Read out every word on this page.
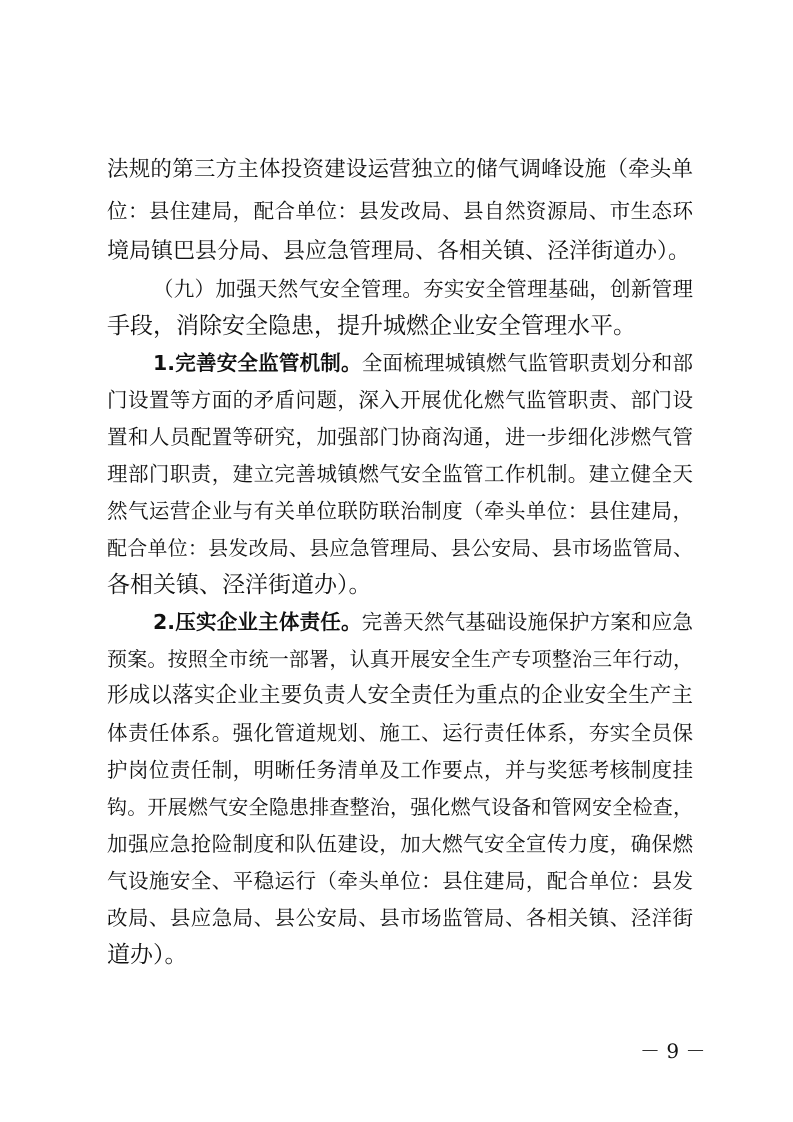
法规的第三方主体投资建设运营独立的储气调峰设施（牵头单
位：县住建局，配合单位：县发改局、县自然资源局、市生态环
境局镇巴县分局、县应急管理局、各相关镇、泾洋街道办）。
（九）加强天然气安全管理。夯实安全管理基础，创新管理
手段，消除安全隐患，提升城燃企业安全管理水平。
1.完善安全监管机制。全面梳理城镇燃气监管职责划分和部
门设置等方面的矛盾问题，深入开展优化燃气监管职责、部门设
置和人员配置等研究，加强部门协商沟通，进一步细化涉燃气管
理部门职责，建立完善城镇燃气安全监管工作机制。建立健全天
然气运营企业与有关单位联防联治制度（牵头单位：县住建局，
配合单位：县发改局、县应急管理局、县公安局、县市场监管局、
各相关镇、泾洋街道办）。
2.压实企业主体责任。完善天然气基础设施保护方案和应急
预案。按照全市统一部署，认真开展安全生产专项整治三年行动，
形成以落实企业主要负责人安全责任为重点的企业安全生产主
体责任体系。强化管道规划、施工、运行责任体系，夯实全员保
护岗位责任制，明晰任务清单及工作要点，并与奖惩考核制度挂
钩。开展燃气安全隐患排查整治，强化燃气设备和管网安全检查，
加强应急抢险制度和队伍建设，加大燃气安全宣传力度，确保燃
气设施安全、平稳运行（牵头单位：县住建局，配合单位：县发
改局、县应急局、县公安局、县市场监管局、各相关镇、泾洋街
道办）。
－ 9 －
